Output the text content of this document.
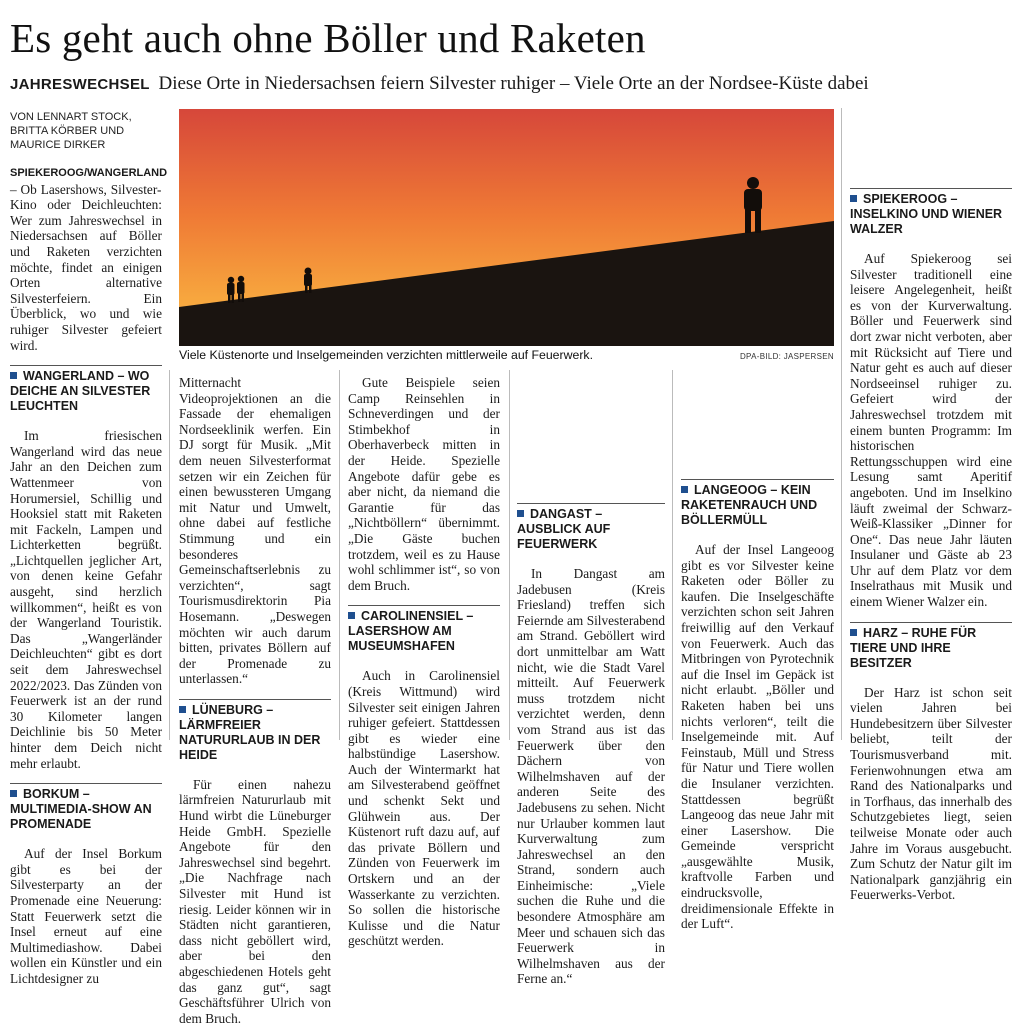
Es geht auch ohne Böller und Raketen
JAHRESWECHSEL Diese Orte in Niedersachsen feiern Silvester ruhiger – Viele Orte an der Nordsee-Küste dabei
Viele Küstenorte und Inselgemeinden verzichten mittlerweile auf Feuerwerk.	DPA-BILD: JASPERSEN
VON LENNART STOCK, BRITTA KÖRBER UND MAURICE DIRKER

SPIEKEROOG/WANGERLAND – Ob Lasershows, Silvester-Kino oder Deichleuchten: Wer zum Jahreswechsel in Niedersachsen auf Böller und Raketen verzichten möchte, findet an einigen Orten alternative Silvesterfeiern. Ein Überblick, wo und wie ruhiger Silvester gefeiert wird.

WANGERLAND – WO DEICHE AN SILVESTER LEUCHTEN

Im friesischen Wangerland wird das neue Jahr an den Deichen zum Wattenmeer von Horumersiel, Schillig und Hooksiel statt mit Raketen mit Fackeln, Lampen und Lichterketten begrüßt. „Lichtquellen jeglicher Art, von denen keine Gefahr ausgeht, sind herzlich willkommen“, heißt es von der Wangerland Touristik. Das „Wangerländer Deichleuchten“ gibt es dort seit dem Jahreswechsel 2022/2023. Das Zünden von Feuerwerk ist an der rund 30 Kilometer langen Deichlinie bis 50 Meter hinter dem Deich nicht mehr erlaubt.

BORKUM – MULTIMEDIA-SHOW AN PROMENADE

Auf der Insel Borkum gibt es bei der Silvesterparty an der Promenade eine Neuerung: Statt Feuerwerk setzt die Insel erneut auf eine Multimediashow. Dabei wollen ein Künstler und ein Lichtdesigner zu

Mitternacht Videoprojektionen an die Fassade der ehemaligen Nordseeklinik werfen. Ein DJ sorgt für Musik. „Mit dem neuen Silvesterformat setzen wir ein Zeichen für einen bewussteren Umgang mit Natur und Umwelt, ohne dabei auf festliche Stimmung und ein besonderes Gemeinschaftserlebnis zu verzichten“, sagt Tourismusdirektorin Pia Hosemann. „Deswegen möchten wir auch darum bitten, privates Böllern auf der Promenade zu unterlassen.“

LÜNEBURG – LÄRMFREIER NATURURLAUB IN DER HEIDE

Für einen nahezu lärmfreien Natururlaub mit Hund wirbt die Lüneburger Heide GmbH. Spezielle Angebote für den Jahreswechsel sind begehrt. „Die Nachfrage nach Silvester mit Hund ist riesig. Leider können wir in Städten nicht garantieren, dass nicht geböllert wird, aber bei den abgeschiedenen Hotels geht das ganz gut“, sagt Geschäftsführer Ulrich von dem Bruch.

Gute Beispiele seien Camp Reinsehlen in Schneverdingen und der Stimbekhof in Oberhaverbeck mitten in der Heide. Spezielle Angebote dafür gebe es aber nicht, da niemand die Garantie für das „Nichtböllern“ übernimmt. „Die Gäste buchen trotzdem, weil es zu Hause wohl schlimmer ist“, so von dem Bruch.

CAROLINENSIEL – LASERSHOW AM MUSEUMSHAFEN

Auch in Carolinensiel (Kreis Wittmund) wird Silvester seit einigen Jahren ruhiger gefeiert. Stattdessen gibt es wieder eine halbstündige Lasershow. Auch der Wintermarkt hat am Silvesterabend geöffnet und schenkt Sekt und Glühwein aus. Der Küstenort ruft dazu auf, auf das private Böllern und Zünden von Feuerwerk im Ortskern und an der Wasserkante zu verzichten. So sollen die historische Kulisse und die Natur geschützt werden.

DANGAST – AUSBLICK AUF FEUERWERK

In Dangast am Jadebusen (Kreis Friesland) treffen sich Feiernde am Silvesterabend am Strand. Geböllert wird dort unmittelbar am Watt nicht, wie die Stadt Varel mitteilt. Auf Feuerwerk muss trotzdem nicht verzichtet werden, denn vom Strand aus ist das Feuerwerk über den Dächern von Wilhelmshaven auf der anderen Seite des Jadebusens zu sehen. Nicht nur Urlauber kommen laut Kurverwaltung zum Jahreswechsel an den Strand, sondern auch Einheimische: „Viele suchen die Ruhe und die besondere Atmosphäre am Meer und schauen sich das Feuerwerk in Wilhelmshaven aus der Ferne an.“

LANGEOOG – KEIN RAKETENRAUCH UND BÖLLERMÜLL

Auf der Insel Langeoog gibt es vor Silvester keine Raketen oder Böller zu kaufen. Die Inselgeschäfte verzichten schon seit Jahren freiwillig auf den Verkauf von Feuerwerk. Auch das Mitbringen von Pyrotechnik auf die Insel im Gepäck ist nicht erlaubt. „Böller und Raketen haben bei uns nichts verloren“, teilt die Inselgemeinde mit. Auf Feinstaub, Müll und Stress für Natur und Tiere wollen die Insulaner verzichten. Stattdessen begrüßt Langeoog das neue Jahr mit einer Lasershow. Die Gemeinde verspricht „ausgewählte Musik, kraftvolle Farben und eindrucksvolle, dreidimensionale Effekte in der Luft“.

SPIEKEROOG – INSELKINO UND WIENER WALZER

Auf Spiekeroog sei Silvester traditionell eine leisere Angelegenheit, heißt es von der Kurverwaltung. Böller und Feuerwerk sind dort zwar nicht verboten, aber mit Rücksicht auf Tiere und Natur geht es auch auf dieser Nordseeinsel ruhiger zu. Gefeiert wird der Jahreswechsel trotzdem mit einem bunten Programm: Im historischen Rettungsschuppen wird eine Lesung samt Aperitif angeboten. Und im Inselkino läuft zweimal der Schwarz-Weiß-Klassiker „Dinner for One“. Das neue Jahr läuten Insulaner und Gäste ab 23 Uhr auf dem Platz vor dem Inselrathaus mit Musik und einem Wiener Walzer ein.

HARZ – RUHE FÜR TIERE UND IHRE BESITZER

Der Harz ist schon seit vielen Jahren bei Hundebesitzern über Silvester beliebt, teilt der Tourismusverband mit. Ferienwohnungen etwa am Rand des Nationalparks und in Torfhaus, das innerhalb des Schutzgebietes liegt, seien teilweise Monate oder auch Jahre im Voraus ausgebucht. Zum Schutz der Natur gilt im Nationalpark ganzjährig ein Feuerwerks-Verbot.
